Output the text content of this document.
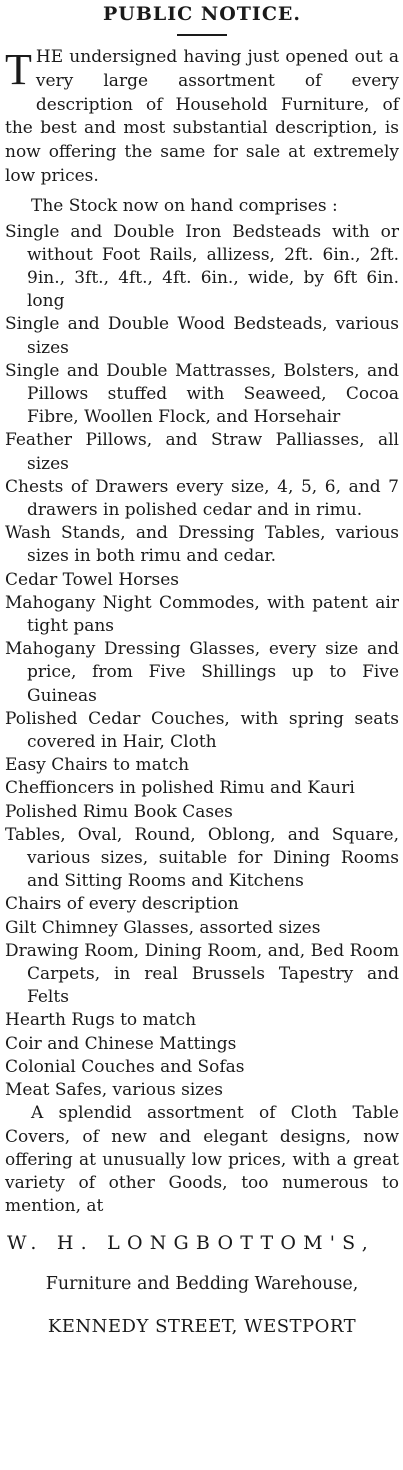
PUBLIC NOTICE.

THE undersigned having just opened out a very large assortment of every description of Household Furniture, of the best and most substantial description, is now offering the same for sale at extremely low prices.

The Stock now on hand comprises :

Single and Double Iron Bedsteads with or without Foot Rails, allizess, 2ft. 6in., 2ft. 9in., 3ft., 4ft., 4ft. 6in., wide, by 6ft 6in. long
Single and Double Wood Bedsteads, various sizes
Single and Double Mattrasses, Bolsters, and Pillows stuffed with Seaweed, Cocoa Fibre, Woollen Flock, and Horsehair
Feather Pillows, and Straw Palliasses, all sizes
Chests of Drawers every size, 4, 5, 6, and 7 drawers in polished cedar and in rimu.
Wash Stands, and Dressing Tables, various sizes in both rimu and cedar.
Cedar Towel Horses
Mahogany Night Commodes, with patent air tight pans
Mahogany Dressing Glasses, every size and price, from Five Shillings up to Five Guineas
Polished Cedar Couches, with spring seats covered in Hair, Cloth
Easy Chairs to match
Cheffioncers in polished Rimu and Kauri
Polished Rimu Book Cases
Tables, Oval, Round, Oblong, and Square, various sizes, suitable for Dining Rooms and Sitting Rooms and Kitchens
Chairs of every description
Gilt Chimney Glasses, assorted sizes
Drawing Room, Dining Room, and, Bed Room Carpets, in real Brussels Tapestry and Felts
Hearth Rugs to match
Coir and Chinese Mattings
Colonial Couches and Sofas
Meat Safes, various sizes

A splendid assortment of Cloth Table Covers, of new and elegant designs, now offering at unusually low prices, with a great variety of other Goods, too numerous to mention, at

W. H. LONGBOTTOM'S,

Furniture and Bedding Warehouse,

KENNEDY STREET, WESTPORT
